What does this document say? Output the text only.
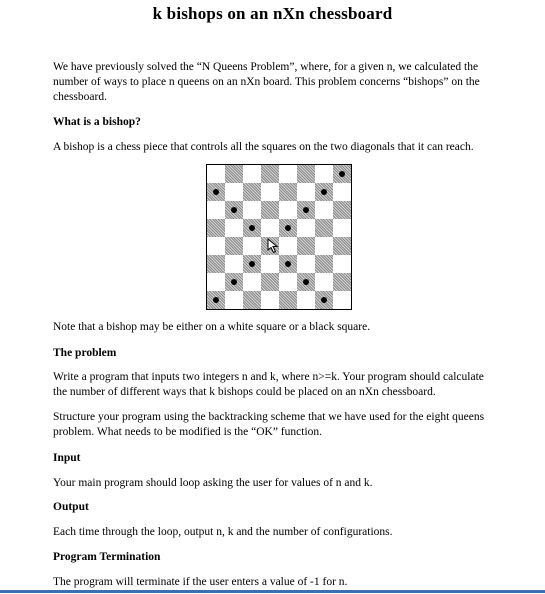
k bishops on an nXn chessboard
We have previously solved the “N Queens Problem”, where, for a given n, we calculated the number of ways to place n queens on an nXn board. This problem concerns “bishops” on the chessboard.
What is a bishop?
A bishop is a chess piece that controls all the squares on the two diagonals that it can reach.
Note that a bishop may be either on a white square or a black square.
The problem
Write a program that inputs two integers n and k, where n>=k. Your program should calculate the number of different ways that k bishops could be placed on an nXn chessboard.
Structure your program using the backtracking scheme that we have used for the eight queens problem. What needs to be modified is the “OK” function.
Input
Your main program should loop asking the user for values of n and k.
Output
Each time through the loop, output n, k and the number of configurations.
Program Termination
The program will terminate if the user enters a value of -1 for n.
